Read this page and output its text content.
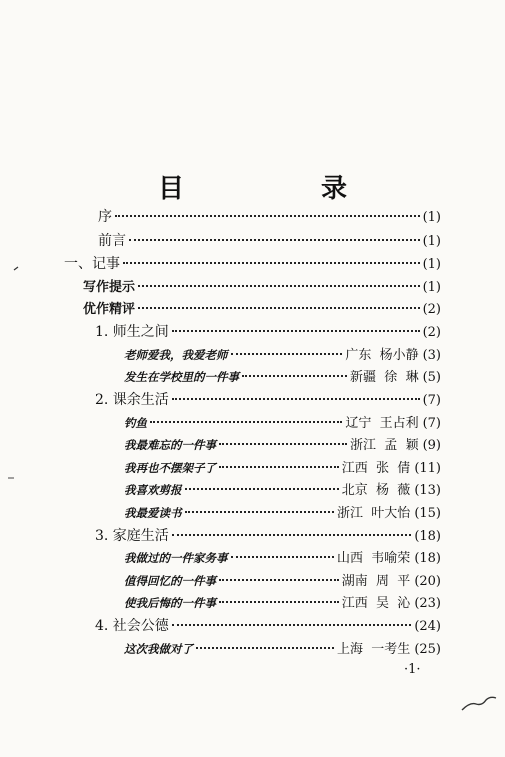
目 录
序	(1)
前言	(1)
一、记事	(1)
写作提示	(1)
优作精评	(2)
1. 师生之间	(2)
老师爱我，我爱老师	广东  杨小静 (3)
发生在学校里的一件事	新疆  徐  琳 (5)
2. 课余生活	(7)
钓鱼	辽宁  王占利 (7)
我最难忘的一件事	浙江  孟  颖 (9)
我再也不摆架子了	江西  张  倩 (11)
我喜欢剪报	北京  杨  薇 (13)
我最爱读书	浙江  叶大怡 (15)
3. 家庭生活	(18)
我做过的一件家务事	山西  韦喻荣 (18)
值得回忆的一件事	湖南  周  平 (20)
使我后悔的一件事	江西  吴  沁 (23)
4. 社会公德	(24)
这次我做对了	上海  一考生 (25)
·1·
